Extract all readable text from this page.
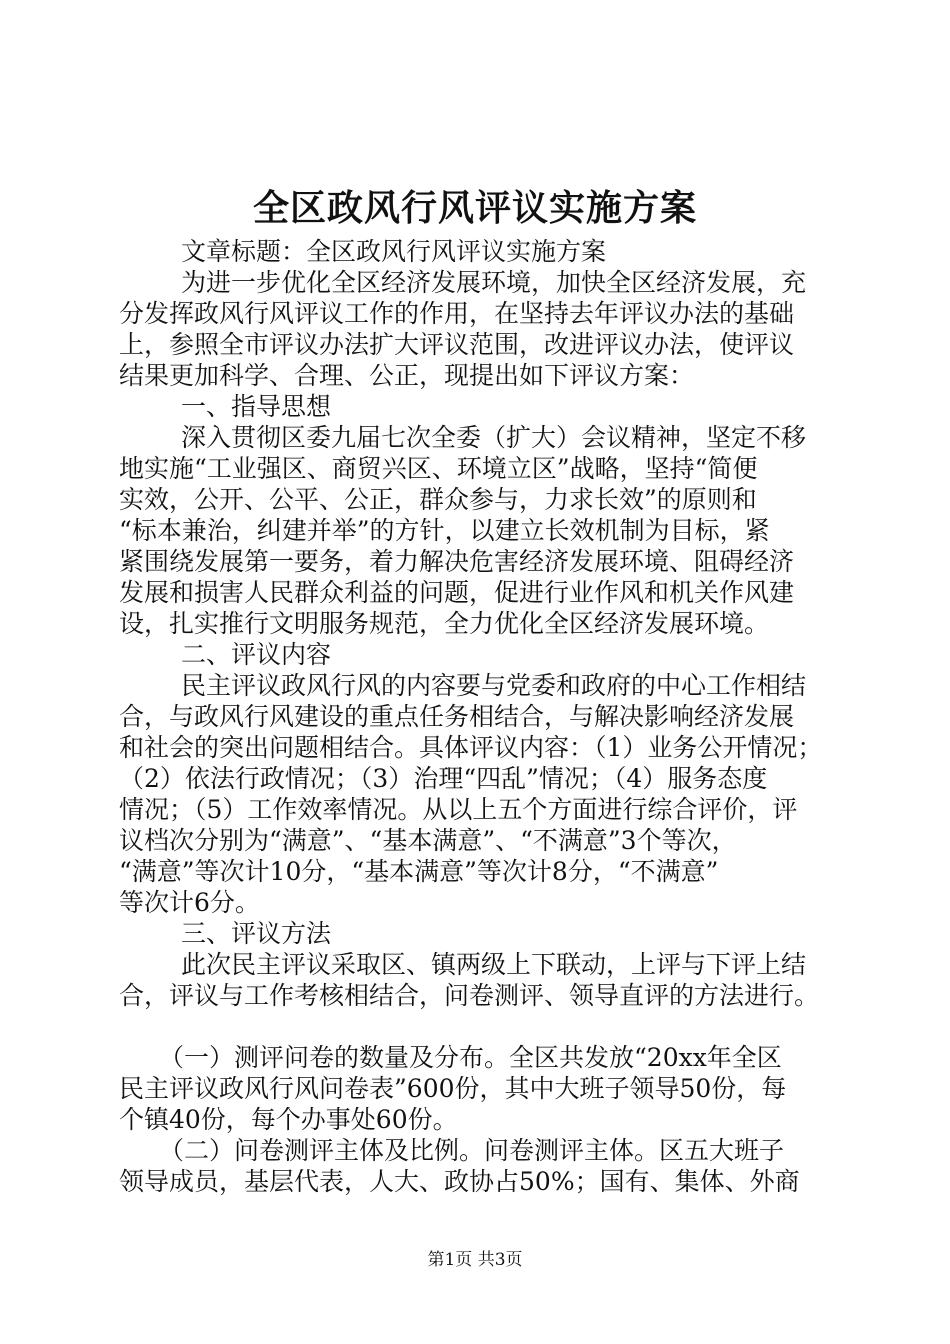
全区政风行风评议实施方案
文章标题：全区政风行风评议实施方案
为进一步优化全区经济发展环境，加快全区经济发展，充
分发挥政风行风评议工作的作用，在坚持去年评议办法的基础
上，参照全市评议办法扩大评议范围，改进评议办法，使评议
结果更加科学、合理、公正，现提出如下评议方案：
一、指导思想
深入贯彻区委九届七次全委（扩大）会议精神，坚定不移
地实施“工业强区、商贸兴区、环境立区”战略，坚持“简便
实效，公开、公平、公正，群众参与，力求长效”的原则和
“标本兼治，纠建并举”的方针，以建立长效机制为目标，紧
紧围绕发展第一要务，着力解决危害经济发展环境、阻碍经济
发展和损害人民群众利益的问题，促进行业作风和机关作风建
设，扎实推行文明服务规范，全力优化全区经济发展环境。
二、评议内容
民主评议政风行风的内容要与党委和政府的中心工作相结
合，与政风行风建设的重点任务相结合，与解决影响经济发展
和社会的突出问题相结合。具体评议内容：（1）业务公开情况；
（2）依法行政情况；（3）治理“四乱”情况；（4）服务态度
情况；（5）工作效率情况。从以上五个方面进行综合评价，评
议档次分别为“满意”、“基本满意”、“不满意”3个等次，
“满意”等次计10分，“基本满意”等次计8分，“不满意”
等次计6分。
三、评议方法
此次民主评议采取区、镇两级上下联动，上评与下评上结
合，评议与工作考核相结合，问卷测评、领导直评的方法进行。
（一）测评问卷的数量及分布。全区共发放“20xx年全区
民主评议政风行风问卷表”600份，其中大班子领导50份，每
个镇40份，每个办事处60份。
（二）问卷测评主体及比例。问卷测评主体。区五大班子
领导成员，基层代表，人大、政协占50%；国有、集体、外商
第1页 共3页
